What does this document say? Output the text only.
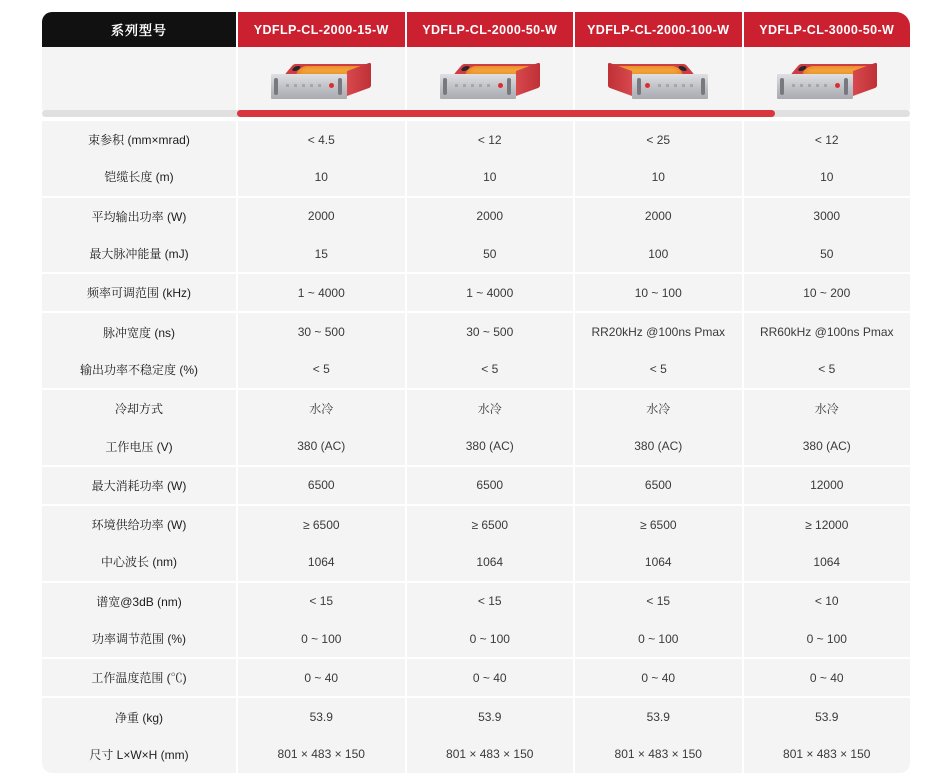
系列型号	YDFLP-CL-2000-15-W	YDFLP-CL-2000-50-W	YDFLP-CL-2000-100-W	YDFLP-CL-3000-50-W
束参积 (mm×mrad)	< 4.5	< 12	< 25	< 12
铠缆长度 (m)	10	10	10	10
平均输出功率 (W)	2000	2000	2000	3000
最大脉冲能量 (mJ)	15	50	100	50
频率可调范围 (kHz)	1 ~ 4000	1 ~ 4000	10 ~ 100	10 ~ 200
脉冲宽度 (ns)	30 ~ 500	30 ~ 500	RR20kHz @100ns Pmax	RR60kHz @100ns Pmax
输出功率不稳定度 (%)	< 5	< 5	< 5	< 5
冷却方式	水冷	水冷	水冷	水冷
工作电压 (V)	380 (AC)	380 (AC)	380 (AC)	380 (AC)
最大消耗功率 (W)	6500	6500	6500	12000
环境供给功率 (W)	≥ 6500	≥ 6500	≥ 6500	≥ 12000
中心波长 (nm)	1064	1064	1064	1064
谱宽@3dB (nm)	< 15	< 15	< 15	< 10
功率调节范围 (%)	0 ~ 100	0 ~ 100	0 ~ 100	0 ~ 100
工作温度范围 (℃)	0 ~ 40	0 ~ 40	0 ~ 40	0 ~ 40
净重 (kg)	53.9	53.9	53.9	53.9
尺寸 L×W×H (mm)	801 × 483 × 150	801 × 483 × 150	801 × 483 × 150	801 × 483 × 150
